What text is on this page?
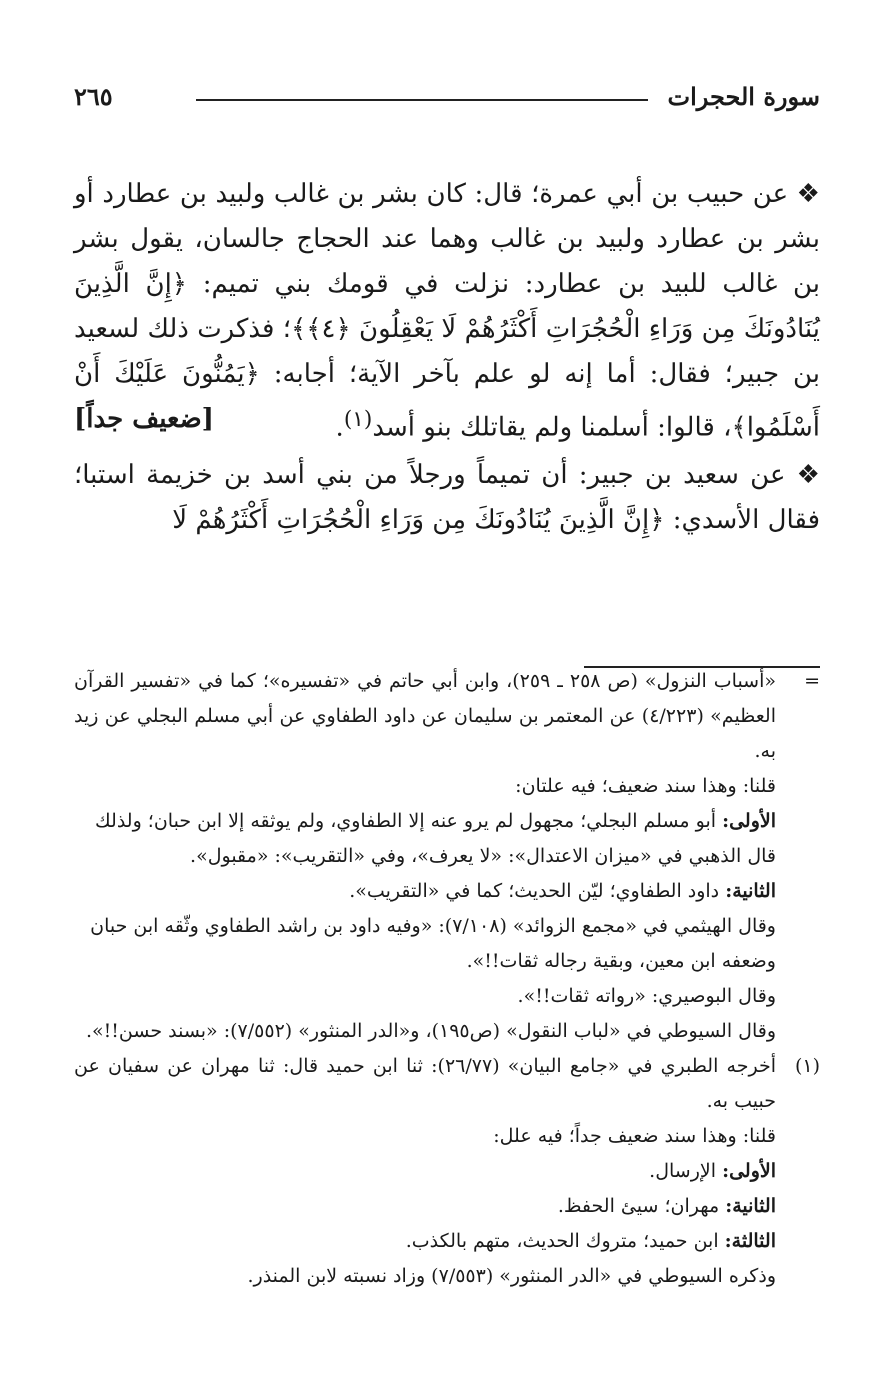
سورة الحجرات
٢٦٥

❖ عن حبيب بن أبي عمرة؛ قال: كان بشر بن غالب ولبيد بن عطارد أو بشر بن عطارد ولبيد بن غالب وهما عند الحجاج جالسان، يقول بشر بن غالب للبيد بن عطارد: نزلت في قومك بني تميم: ﴿إِنَّ الَّذِينَ يُنَادُونَكَ مِن وَرَاءِ الْحُجُرَاتِ أَكْثَرُهُمْ لَا يَعْقِلُونَ ﴿٤﴾﴾؛ فذكرت ذلك لسعيد بن جبير؛ فقال: أما إنه لو علم بآخر الآية؛ أجابه: ﴿يَمُنُّونَ عَلَيْكَ أَنْ أَسْلَمُوا﴾، قالوا: أسلمنا ولم يقاتلك بنو أسد$^{(١)}$.
[ضعيف جداً]

❖ عن سعيد بن جبير: أن تميماً ورجلاً من بني أسد بن خزيمة استبا؛ فقال الأسدي: ﴿إِنَّ الَّذِينَ يُنَادُونَكَ مِن وَرَاءِ الْحُجُرَاتِ أَكْثَرُهُمْ لَا

=
«أسباب النزول» (ص ٢٥٨ ـ ٢٥٩)، وابن أبي حاتم في «تفسيره»؛ كما في «تفسير القرآن العظيم» (٤/٢٢٣) عن المعتمر بن سليمان عن داود الطفاوي عن أبي مسلم البجلي عن زيد به.
قلنا: وهذا سند ضعيف؛ فيه علتان:
الأولى: أبو مسلم البجلي؛ مجهول لم يرو عنه إلا الطفاوي، ولم يوثقه إلا ابن حبان؛ ولذلك قال الذهبي في «ميزان الاعتدال»: «لا يعرف»، وفي «التقريب»: «مقبول».
الثانية: داود الطفاوي؛ ليّن الحديث؛ كما في «التقريب».
وقال الهيثمي في «مجمع الزوائد» (٧/١٠٨): «وفيه داود بن راشد الطفاوي وثّقه ابن حبان وضعفه ابن معين، وبقية رجاله ثقات!!».
وقال البوصيري: «رواته ثقات!!».
وقال السيوطي في «لباب النقول» (ص١٩٥)، و«الدر المنثور» (٧/٥٥٢): «بسند حسن!!».
(١)
أخرجه الطبري في «جامع البيان» (٢٦/٧٧): ثنا ابن حميد قال: ثنا مهران عن سفيان عن حبيب به.
قلنا: وهذا سند ضعيف جداً؛ فيه علل:
الأولى: الإرسال.
الثانية: مهران؛ سيئ الحفظ.
الثالثة: ابن حميد؛ متروك الحديث، متهم بالكذب.
وذكره السيوطي في «الدر المنثور» (٧/٥٥٣) وزاد نسبته لابن المنذر.
